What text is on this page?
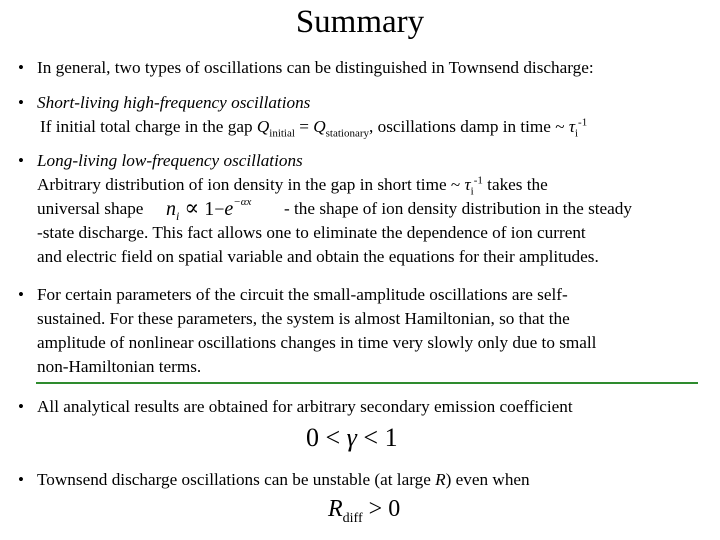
Summary
• In general, two types of oscillations can be distinguished in Townsend discharge:
• Short-living high-frequency oscillations
If initial total charge in the gap $Q_{initial} = Q_{stationary}$, oscillations damp in time ~ $\tau_i^{-1}$
• Long-living low-frequency oscillations
Arbitrary distribution of ion density in the gap in short time ~ $\tau_i^{-1}$ takes the
universal shape $n_i \propto 1-e^{-\alpha x}$ - the shape of ion density distribution in the steady
-state discharge. This fact allows one to eliminate the dependence of ion current
and electric field on spatial variable and obtain the equations for their amplitudes.
• For certain parameters of the circuit the small-amplitude oscillations are self-
sustained. For these parameters, the system is almost Hamiltonian, so that the
amplitude of nonlinear oscillations changes in time very slowly only due to small
non-Hamiltonian terms.
• All analytical results are obtained for arbitrary secondary emission coefficient
0 < γ < 1
• Townsend discharge oscillations can be unstable (at large R) even when
$R_{diff} > 0$
